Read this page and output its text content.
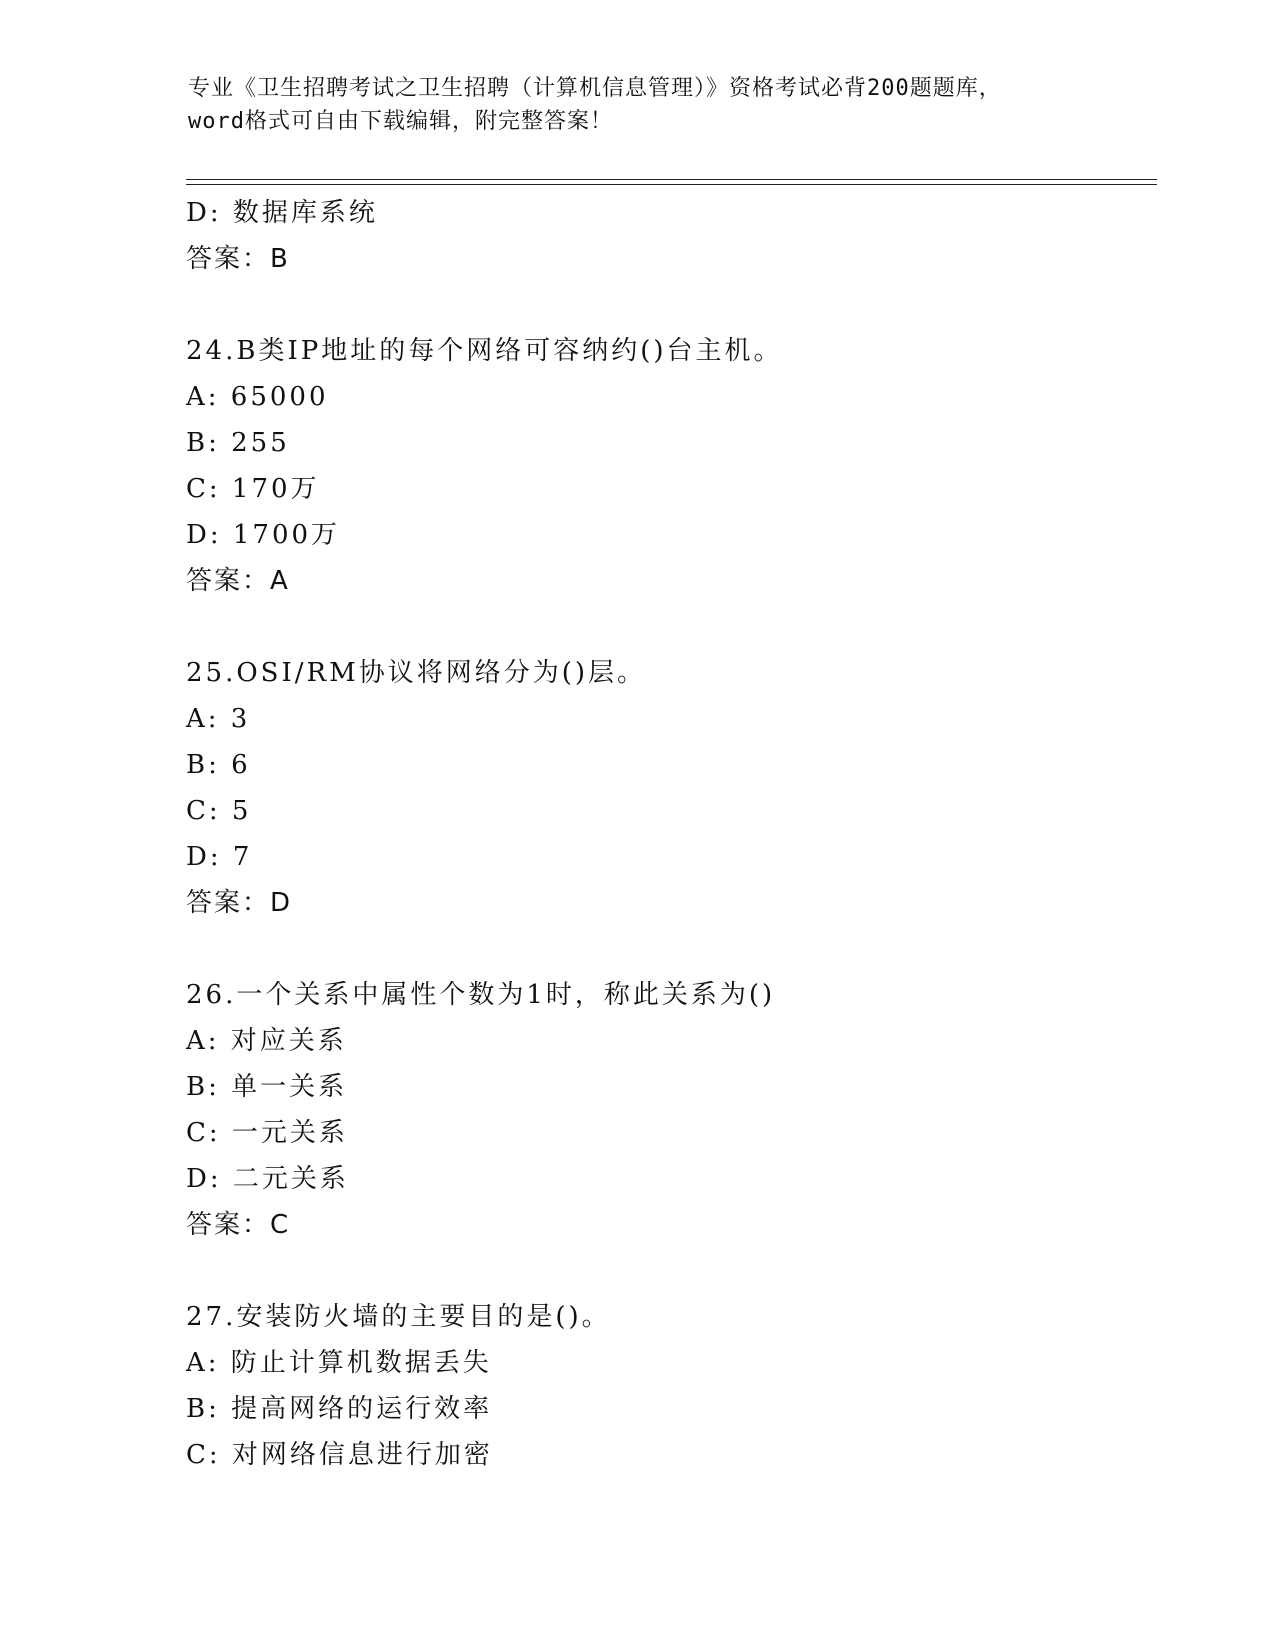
专业《卫生招聘考试之卫生招聘（计算机信息管理）》资格考试必背200题题库，
word格式可自由下载编辑，附完整答案！
D: 数据库系统
答案：B
24.B类IP地址的每个网络可容纳约()台主机。
A: 65000
B: 255
C: 170万
D: 1700万
答案：A
25.OSI/RM协议将网络分为()层。
A: 3
B: 6
C: 5
D: 7
答案：D
26.一个关系中属性个数为1时，称此关系为()
A: 对应关系
B: 单一关系
C: 一元关系
D: 二元关系
答案：C
27.安装防火墙的主要目的是()。
A: 防止计算机数据丢失
B: 提高网络的运行效率
C: 对网络信息进行加密
